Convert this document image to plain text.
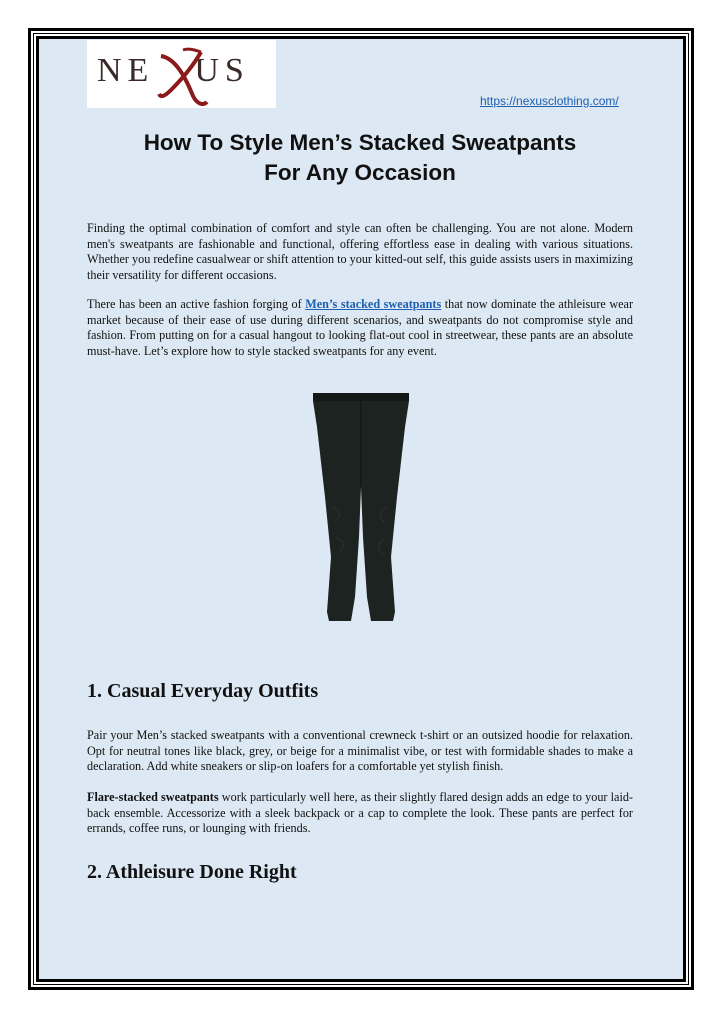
NE US
https://nexusclothing.com/
How To Style Men’s Stacked Sweatpants
For Any Occasion

Finding the optimal combination of comfort and style can often be challenging. You are not alone. Modern men's sweatpants are fashionable and functional, offering effortless ease in dealing with various situations. Whether you redefine casualwear or shift attention to your kitted-out self, this guide assists users in maximizing their versatility for different occasions.

There has been an active fashion forging of Men’s stacked sweatpants that now dominate the athleisure wear market because of their ease of use during different scenarios, and sweatpants do not compromise style and fashion. From putting on for a casual hangout to looking flat-out cool in streetwear, these pants are an absolute must-have. Let’s explore how to style stacked sweatpants for any event.

1. Casual Everyday Outfits

Pair your Men’s stacked sweatpants with a conventional crewneck t-shirt or an outsized hoodie for relaxation. Opt for neutral tones like black, grey, or beige for a minimalist vibe, or test with formidable shades to make a declaration. Add white sneakers or slip-on loafers for a comfortable yet stylish finish.

Flare-stacked sweatpants work particularly well here, as their slightly flared design adds an edge to your laid-back ensemble. Accessorize with a sleek backpack or a cap to complete the look. These pants are perfect for errands, coffee runs, or lounging with friends.

2. Athleisure Done Right
